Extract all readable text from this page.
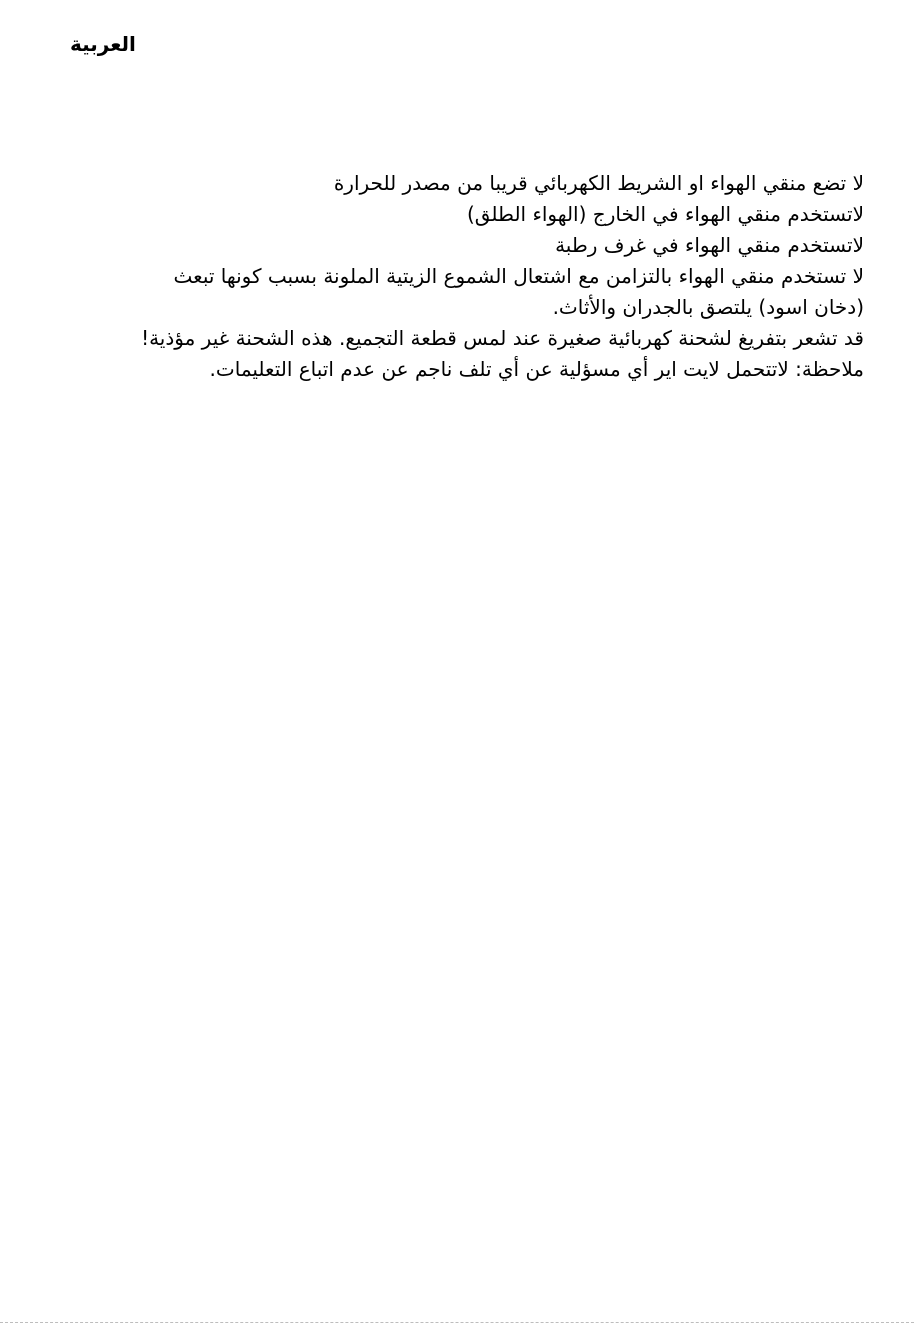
العربية
لا تضع منقي الهواء او الشريط الكهربائي قريبا من مصدر للحرارة
لاتستخدم منقي الهواء في الخارج (الهواء الطلق)
لاتستخدم منقي الهواء في غرف رطبة
لا تستخدم منقي الهواء بالتزامن مع اشتعال الشموع الزيتية الملونة بسبب كونها تبعث
(دخان اسود) يلتصق بالجدران والأثاث.
قد تشعر بتفريغ لشحنة كهربائية صغيرة عند لمس قطعة التجميع. هذه الشحنة غير مؤذية!
ملاحظة: لاتتحمل لايت اير أي مسؤلية عن أي تلف ناجم عن عدم اتباع التعليمات.
